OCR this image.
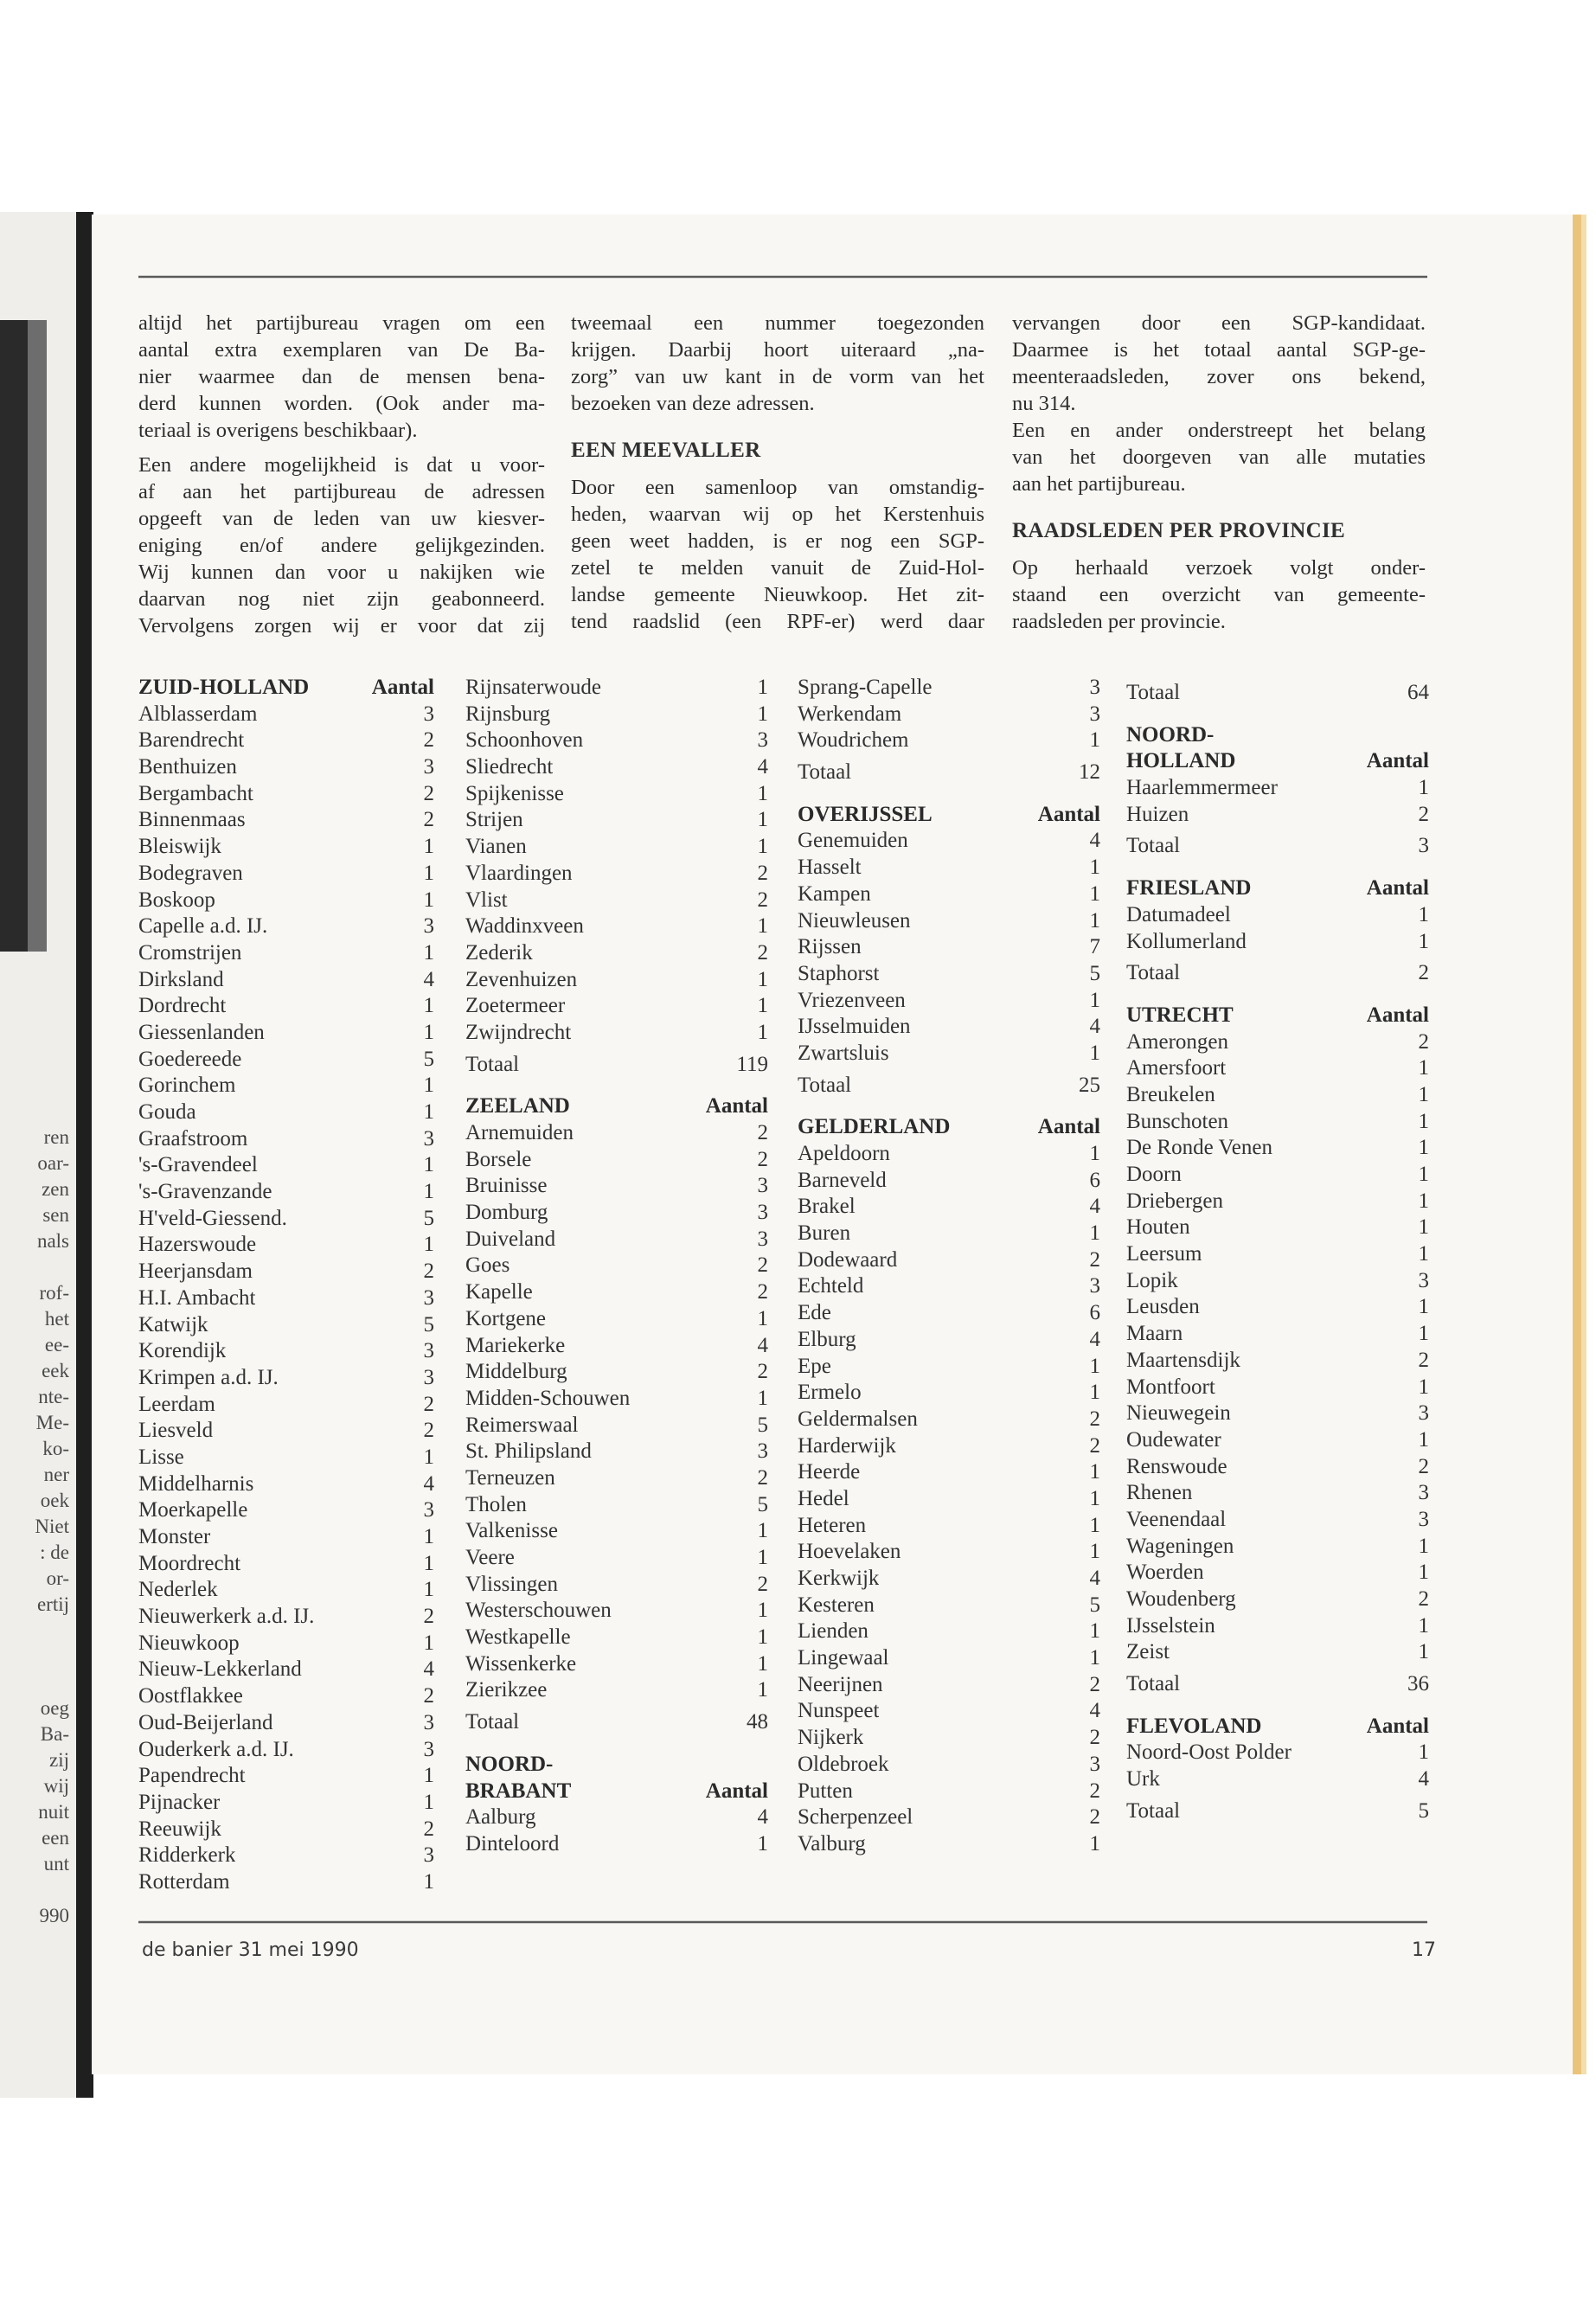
ren
oar-
zen
sen
nals
rof-
het
ee-
eek
nte-
Me-
ko-
ner
oek
Niet
: de
or-
ertij
oeg
Ba-
zij
wij
nuit
een
unt
990
altijd het partijbureau vragen om een
aantal extra exemplaren van De Ba-
nier waarmee dan de mensen bena-
derd kunnen worden. (Ook ander ma-
teriaal is overigens beschikbaar).
Een andere mogelijkheid is dat u voor-
af aan het partijbureau de adressen
opgeeft van de leden van uw kiesver-
eniging en/of andere gelijkgezinden.
Wij kunnen dan voor u nakijken wie
daarvan nog niet zijn geabonneerd.
Vervolgens zorgen wij er voor dat zij
tweemaal een nummer toegezonden
krijgen. Daarbij hoort uiteraard „na-
zorg” van uw kant in de vorm van het
bezoeken van deze adressen.
EEN MEEVALLER
Door een samenloop van omstandig-
heden, waarvan wij op het Kerstenhuis
geen weet hadden, is er nog een SGP-
zetel te melden vanuit de Zuid-Hol-
landse gemeente Nieuwkoop. Het zit-
tend raadslid (een RPF-er) werd daar
vervangen door een SGP-kandidaat.
Daarmee is het totaal aantal SGP-ge-
meenteraadsleden, zover ons bekend,
nu 314.
Een en ander onderstreept het belang
van het doorgeven van alle mutaties
aan het partijbureau.
RAADSLEDEN PER PROVINCIE
Op herhaald verzoek volgt onder-
staand een overzicht van gemeente-
raadsleden per provincie.
ZUID-HOLLAND	Aantal
Alblasserdam	3
Barendrecht	2
Benthuizen	3
Bergambacht	2
Binnenmaas	2
Bleiswijk	1
Bodegraven	1
Boskoop	1
Capelle a.d. IJ.	3
Cromstrijen	1
Dirksland	4
Dordrecht	1
Giessenlanden	1
Goedereede	5
Gorinchem	1
Gouda	1
Graafstroom	3
's-Gravendeel	1
's-Gravenzande	1
H'veld-Giessend.	5
Hazerswoude	1
Heerjansdam	2
H.I. Ambacht	3
Katwijk	5
Korendijk	3
Krimpen a.d. IJ.	3
Leerdam	2
Liesveld	2
Lisse	1
Middelharnis	4
Moerkapelle	3
Monster	1
Moordrecht	1
Nederlek	1
Nieuwerkerk a.d. IJ.	2
Nieuwkoop	1
Nieuw-Lekkerland	4
Oostflakkee	2
Oud-Beijerland	3
Ouderkerk a.d. IJ.	3
Papendrecht	1
Pijnacker	1
Reeuwijk	2
Ridderkerk	3
Rotterdam	1
Rijnsaterwoude	1
Rijnsburg	1
Schoonhoven	3
Sliedrecht	4
Spijkenisse	1
Strijen	1
Vianen	1
Vlaardingen	2
Vlist	2
Waddinxveen	1
Zederik	2
Zevenhuizen	1
Zoetermeer	1
Zwijndrecht	1
Totaal	119
ZEELAND	Aantal
Arnemuiden	2
Borsele	2
Bruinisse	3
Domburg	3
Duiveland	3
Goes	2
Kapelle	2
Kortgene	1
Mariekerke	4
Middelburg	2
Midden-Schouwen	1
Reimerswaal	5
St. Philipsland	3
Terneuzen	2
Tholen	5
Valkenisse	1
Veere	1
Vlissingen	2
Westerschouwen	1
Westkapelle	1
Wissenkerke	1
Zierikzee	1
Totaal	48
NOORD-
BRABANT	Aantal
Aalburg	4
Dinteloord	1
Sprang-Capelle	3
Werkendam	3
Woudrichem	1
Totaal	12
OVERIJSSEL	Aantal
Genemuiden	4
Hasselt	1
Kampen	1
Nieuwleusen	1
Rijssen	7
Staphorst	5
Vriezenveen	1
IJsselmuiden	4
Zwartsluis	1
Totaal	25
GELDERLAND	Aantal
Apeldoorn	1
Barneveld	6
Brakel	4
Buren	1
Dodewaard	2
Echteld	3
Ede	6
Elburg	4
Epe	1
Ermelo	1
Geldermalsen	2
Harderwijk	2
Heerde	1
Hedel	1
Heteren	1
Hoevelaken	1
Kerkwijk	4
Kesteren	5
Lienden	1
Lingewaal	1
Neerijnen	2
Nunspeet	4
Nijkerk	2
Oldebroek	3
Putten	2
Scherpenzeel	2
Valburg	1
Totaal	64
NOORD-
HOLLAND	Aantal
Haarlemmermeer	1
Huizen	2
Totaal	3
FRIESLAND	Aantal
Datumadeel	1
Kollumerland	1
Totaal	2
UTRECHT	Aantal
Amerongen	2
Amersfoort	1
Breukelen	1
Bunschoten	1
De Ronde Venen	1
Doorn	1
Driebergen	1
Houten	1
Leersum	1
Lopik	3
Leusden	1
Maarn	1
Maartensdijk	2
Montfoort	1
Nieuwegein	3
Oudewater	1
Renswoude	2
Rhenen	3
Veenendaal	3
Wageningen	1
Woerden	1
Woudenberg	2
IJsselstein	1
Zeist	1
Totaal	36
FLEVOLAND	Aantal
Noord-Oost Polder	1
Urk	4
Totaal	5
de banier 31 mei 1990	17
